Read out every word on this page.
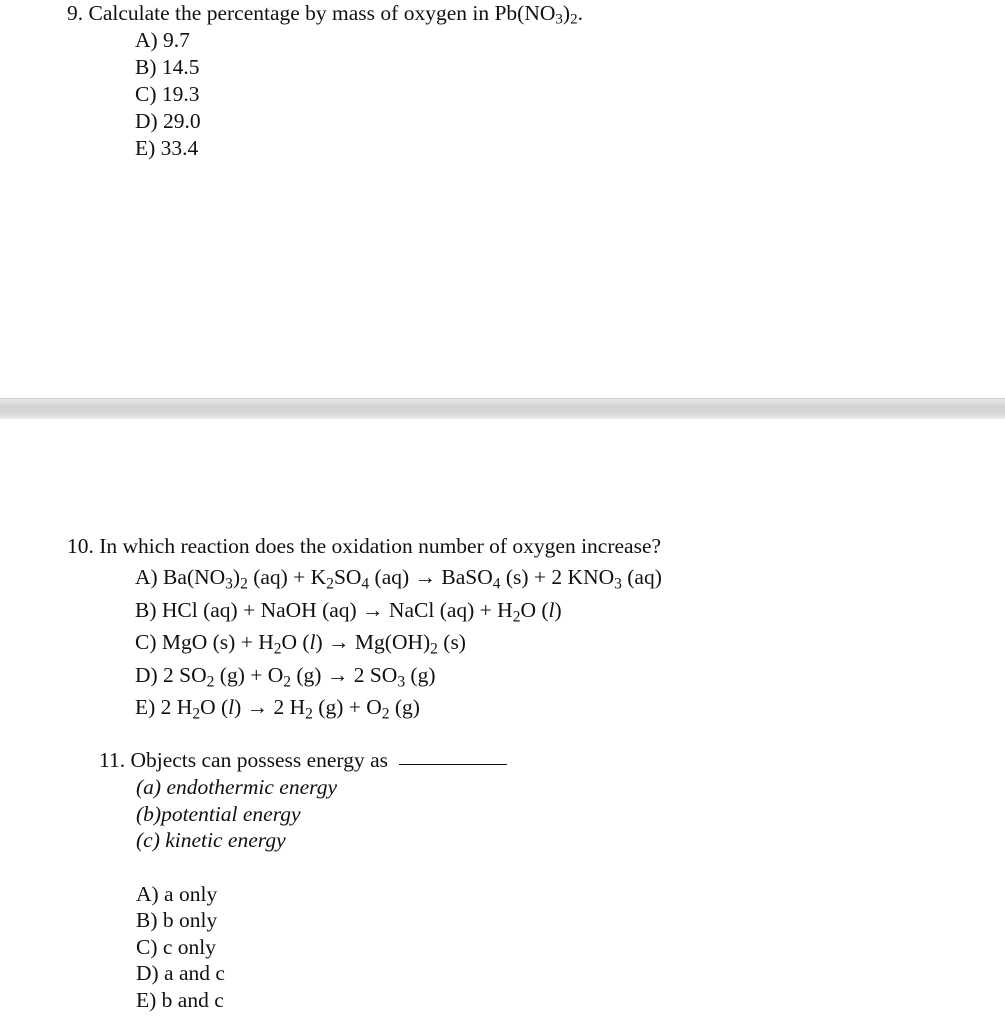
9. Calculate the percentage by mass of oxygen in $Pb(NO_3)_2$.
A) 9.7
B) 14.5
C) 19.3
D) 29.0
E) 33.4
10. In which reaction does the oxidation number of oxygen increase?
A) $Ba(NO_3)_2$ $(aq) + K_2SO_4$ (aq) → BaSO$_4$ (s) + 2 $KNO_3$ (aq)
B) HCl (aq) + NaOH (aq) → NaCl $(aq) + H_2O$ (l)
C) MgO $(s) + H_2O$ $(l) \to Mg(OH)_2$ (s)
D) 2 $SO_2$ $(g) + O_2$ (g) → 2 $SO_3$ (g)
E) 2 $H_2O$ (l) → 2 $H_2$ $(g) + O_2$ (g)
11. Objects can possess energy as
(a) endothermic energy
(b)potential energy
(c) kinetic energy
A) a only
B) b only
C) c only
D) a and c
E) b and c
